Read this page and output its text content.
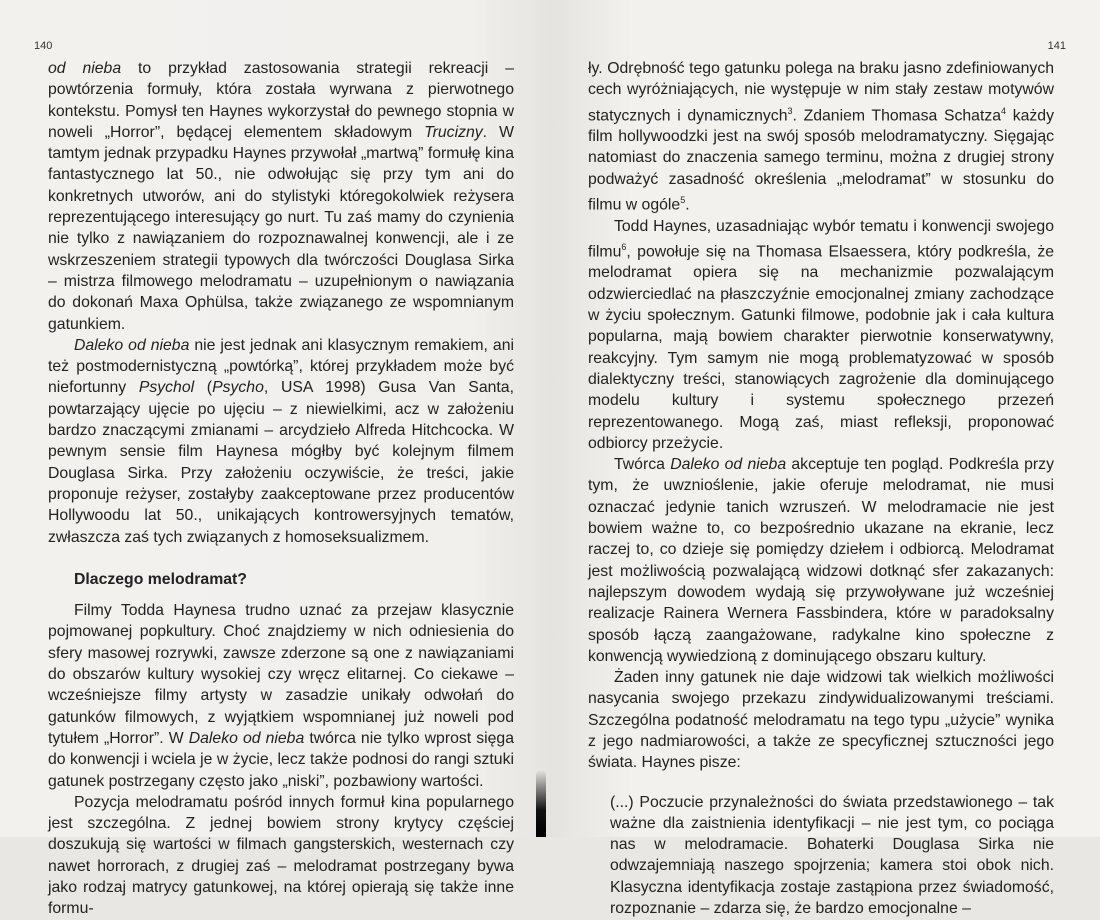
140

od nieba to przykład zastosowania strategii rekreacji – powtórzenia formuły, która została wyrwana z pierwotnego kontekstu. Pomysł ten Haynes wykorzystał do pewnego stopnia w noweli „Horror”, będącej elementem składowym Trucizny. W tamtym jednak przypadku Haynes przywołał „martwą” formułę kina fantastycznego lat 50., nie odwołując się przy tym ani do konkretnych utworów, ani do stylistyki któregokolwiek reżysera reprezentującego interesujący go nurt. Tu zaś mamy do czynienia nie tylko z nawiązaniem do rozpoznawalnej konwencji, ale i ze wskrzeszeniem strategii typowych dla twórczości Douglasa Sirka – mistrza filmowego melodramatu – uzupełnionym o nawiązania do dokonań Maxa Ophülsa, także związanego ze wspomnianym gatunkiem.

Daleko od nieba nie jest jednak ani klasycznym remakiem, ani też postmodernistyczną „powtórką”, której przykładem może być niefortunny Psychol (Psycho, USA 1998) Gusa Van Santa, powtarzający ujęcie po ujęciu – z niewielkimi, acz w założeniu bardzo znaczącymi zmianami – arcydzieło Alfreda Hitchcocka. W pewnym sensie film Haynesa mógłby być kolejnym filmem Douglasa Sirka. Przy założeniu oczywiście, że treści, jakie proponuje reżyser, zostałyby zaakceptowane przez producentów Hollywoodu lat 50., unikających kontrowersyjnych tematów, zwłaszcza zaś tych związanych z homoseksualizmem.

Dlaczego melodramat?

Filmy Todda Haynesa trudno uznać za przejaw klasycznie pojmowanej popkultury. Choć znajdziemy w nich odniesienia do sfery masowej rozrywki, zawsze zderzone są one z nawiązaniami do obszarów kultury wysokiej czy wręcz elitarnej. Co ciekawe – wcześniejsze filmy artysty w zasadzie unikały odwołań do gatunków filmowych, z wyjątkiem wspomnianej już noweli pod tytułem „Horror”. W Daleko od nieba twórca nie tylko wprost sięga do konwencji i wciela je w życie, lecz także podnosi do rangi sztuki gatunek postrzegany często jako „niski”, pozbawiony wartości.

Pozycja melodramatu pośród innych formuł kina popularnego jest szczególna. Z jednej bowiem strony krytycy częściej doszukują się wartości w filmach gangsterskich, westernach czy nawet horrorach, z drugiej zaś – melodramat postrzegany bywa jako rodzaj matrycy gatunkowej, na której opierają się także inne formu-

141

ły. Odrębność tego gatunku polega na braku jasno zdefiniowanych cech wyróżniających, nie występuje w nim stały zestaw motywów statycznych i dynamicznych$^3$. Zdaniem Thomasa Schatza$^4$ każdy film hollywoodzki jest na swój sposób melodramatyczny. Sięgając natomiast do znaczenia samego terminu, można z drugiej strony podważyć zasadność określenia „melodramat” w stosunku do filmu w ogóle$^5$.

Todd Haynes, uzasadniając wybór tematu i konwencji swojego filmu$^6$, powołuje się na Thomasa Elsaessera, który podkreśla, że melodramat opiera się na mechanizmie pozwalającym odzwierciedlać na płaszczyźnie emocjonalnej zmiany zachodzące w życiu społecznym. Gatunki filmowe, podobnie jak i cała kultura popularna, mają bowiem charakter pierwotnie konserwatywny, reakcyjny. Tym samym nie mogą problematyzować w sposób dialektyczny treści, stanowiących zagrożenie dla dominującego modelu kultury i systemu społecznego przezeń reprezentowanego. Mogą zaś, miast refleksji, proponować odbiorcy przeżycie.

Twórca Daleko od nieba akceptuje ten pogląd. Podkreśla przy tym, że uwznioślenie, jakie oferuje melodramat, nie musi oznaczać jedynie tanich wzruszeń. W melodramacie nie jest bowiem ważne to, co bezpośrednio ukazane na ekranie, lecz raczej to, co dzieje się pomiędzy dziełem i odbiorcą. Melodramat jest możliwością pozwalającą widzowi dotknąć sfer zakazanych: najlepszym dowodem wydają się przywoływane już wcześniej realizacje Rainera Wernera Fassbindera, które w paradoksalny sposób łączą zaangażowane, radykalne kino społeczne z konwencją wywiedzioną z dominującego obszaru kultury.

Żaden inny gatunek nie daje widzowi tak wielkich możliwości nasycania swojego przekazu zindywidualizowanymi treściami. Szczególna podatność melodramatu na tego typu „użycie” wynika z jego nadmiarowości, a także ze specyficznej sztuczności jego świata. Haynes pisze:

(...) Poczucie przynależności do świata przedstawionego – tak ważne dla zaistnienia identyfikacji – nie jest tym, co pociąga nas w melodramacie. Bohaterki Douglasa Sirka nie odwzajemniają naszego spojrzenia; kamera stoi obok nich. Klasyczna identyfikacja zostaje zastąpiona przez świadomość, rozpoznanie – zdarza się, że bardzo emocjonalne –
